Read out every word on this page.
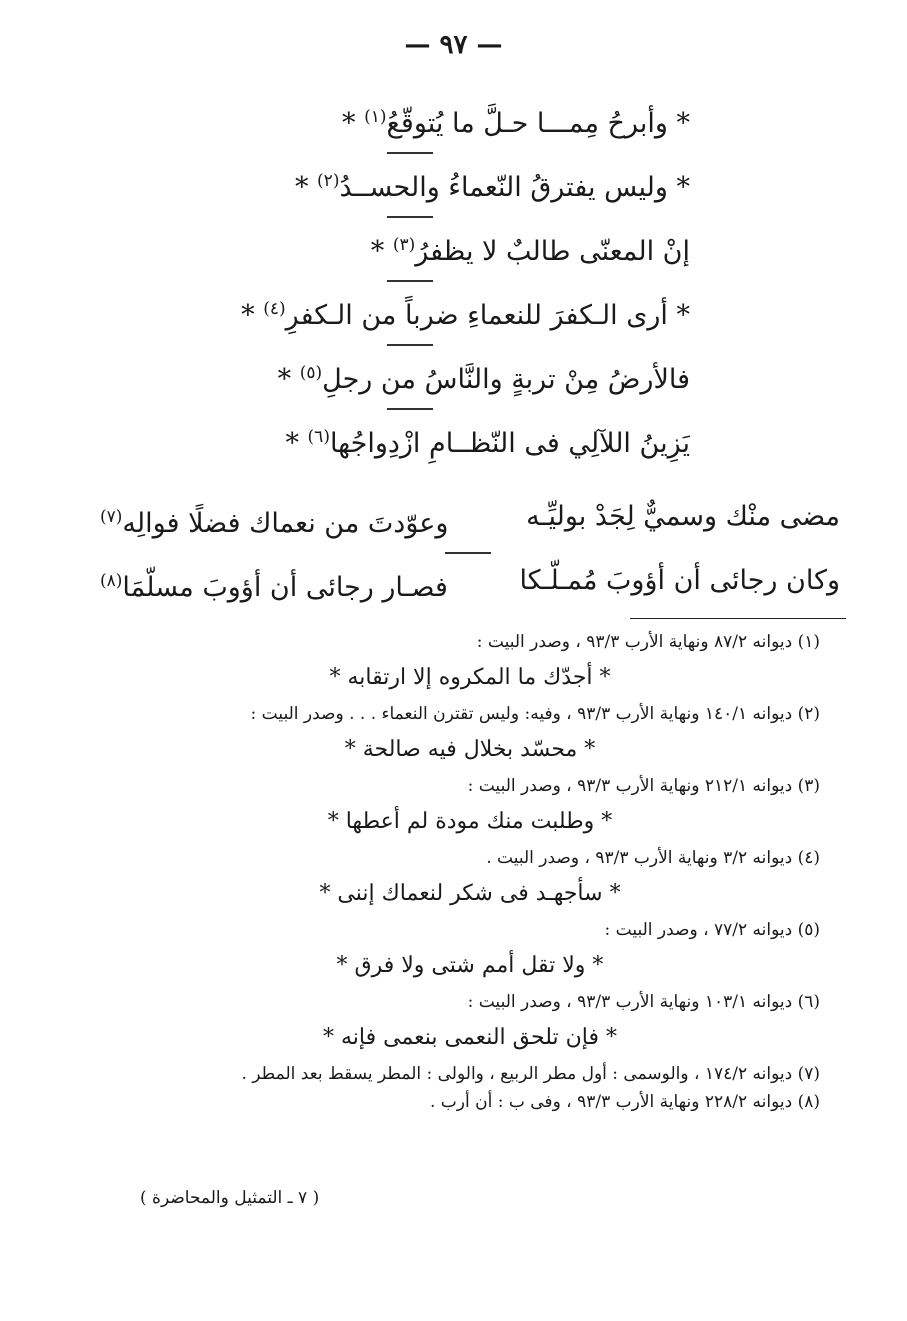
— ٩٧ —
* وأبرحُ مِمـــا حـلَّ ما يُتوقّعُ$^{(١)}$ *
* وليس يفترقُ النّعماءُ والحســدُ$^{(٢)}$ *
إنْ المعنّى طالبٌ لا يظفرُ$^{(٣)}$ *
* أرى الـكفرَ للنعماءِ ضرباً من الـكفرِ$^{(٤)}$ *
فالأرضُ مِنْ تربةٍ والنَّاسُ من رجلِ$^{(٥)}$ *
يَزِينُ اللآلِي فى النّظــامِ ازْدِواجُها$^{(٦)}$ *
مضى منْك وسميٌّ لِجَدْ بوليِّـه
وعوّدتَ من نعماك فضلًا فوالِه$^{(٧)}$
وكان رجائى أن أؤوبَ مُمـلّـكا
فصـار رجائى أن أؤوبَ مسلّمَا$^{(٨)}$
(١) ديوانه ٨٧/٢ ونهاية الأرب ٩٣/٣ ، وصدر البيت :
* أجدّك ما المكروه إلا ارتقابه *
(٢) ديوانه ١٤٠/١ ونهاية الأرب ٩٣/٣ ، وفيه: وليس تقترن النعماء . . . وصدر البيت :
* محسّد بخلال فيه صالحة *
(٣) ديوانه ٢١٢/١ ونهاية الأرب ٩٣/٣ ، وصدر البيت :
* وطلبت منك مودة لم أعطها *
(٤) ديوانه ٣/٢ ونهاية الأرب ٩٣/٣ ، وصدر البيت .
* سأجهـد فى شكر لنعماك إننى *
(٥) ديوانه ٧٧/٢ ، وصدر البيت :
* ولا تقل أمم شتى ولا فرق *
(٦) ديوانه ١٠٣/١ ونهاية الأرب ٩٣/٣ ، وصدر البيت :
* فإن تلحق النعمى بنعمى فإنه *
(٧) ديوانه ١٧٤/٢ ، والوسمى : أول مطر الربيع ، والولى : المطر يسقط بعد المطر .
(٨) ديوانه ٢٢٨/٢ ونهاية الأرب ٩٣/٣ ، وفى ب : أن أرب .
( ٧ ـ التمثيل والمحاضرة )
